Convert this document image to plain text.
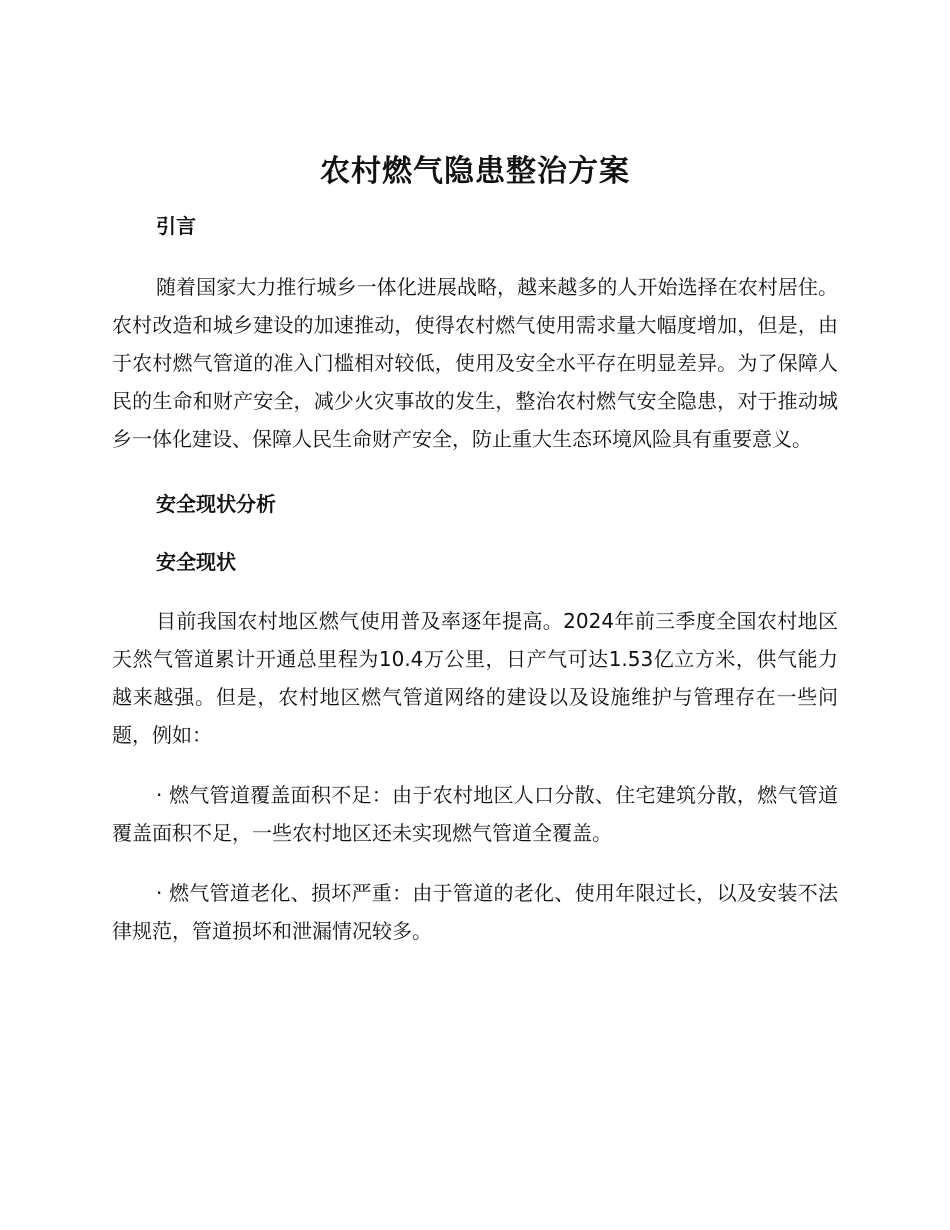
农村燃气隐患整治方案
引言

随着国家大力推行城乡一体化进展战略，越来越多的人开始选择在农村居住。农村改造和城乡建设的加速推动，使得农村燃气使用需求量大幅度增加，但是，由于农村燃气管道的准入门槛相对较低，使用及安全水平存在明显差异。为了保障人民的生命和财产安全，减少火灾事故的发生，整治农村燃气安全隐患，对于推动城乡一体化建设、保障人民生命财产安全，防止重大生态环境风险具有重要意义。

安全现状分析
安全现状

目前我国农村地区燃气使用普及率逐年提高。2024年前三季度全国农村地区天然气管道累计开通总里程为10.4万公里，日产气可达1.53亿立方米，供气能力越来越强。但是，农村地区燃气管道网络的建设以及设施维护与管理存在一些问题，例如：

· 燃气管道覆盖面积不足：由于农村地区人口分散、住宅建筑分散，燃气管道覆盖面积不足，一些农村地区还未实现燃气管道全覆盖。

· 燃气管道老化、损坏严重：由于管道的老化、使用年限过长，以及安装不法律规范，管道损坏和泄漏情况较多。
